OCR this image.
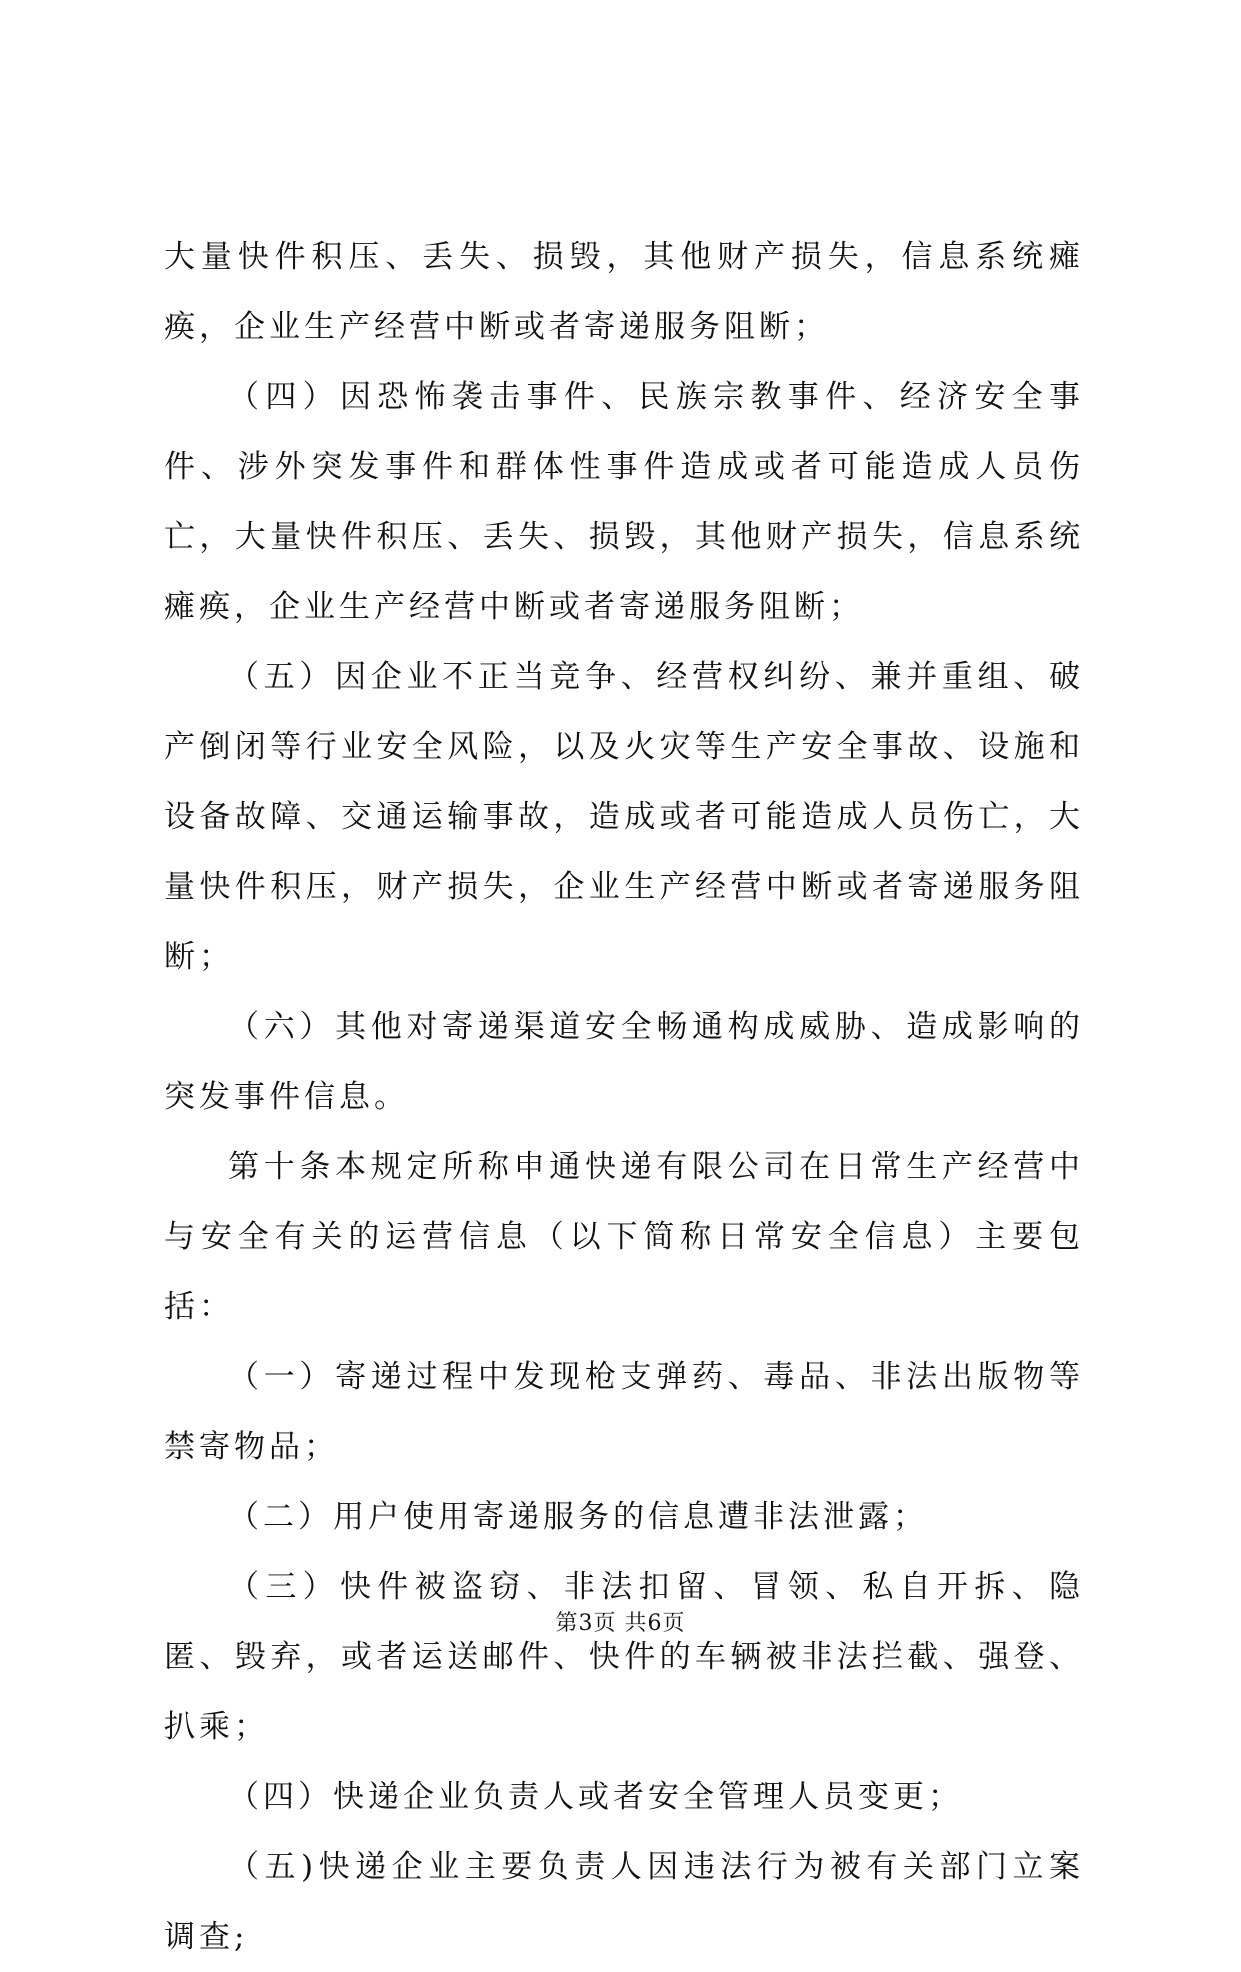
大量快件积压、丢失、损毁，其他财产损失，信息系统瘫痪，企业生产经营中断或者寄递服务阻断；

（四）因恐怖袭击事件、民族宗教事件、经济安全事件、涉外突发事件和群体性事件造成或者可能造成人员伤亡，大量快件积压、丢失、损毁，其他财产损失，信息系统瘫痪，企业生产经营中断或者寄递服务阻断；

（五）因企业不正当竞争、经营权纠纷、兼并重组、破产倒闭等行业安全风险，以及火灾等生产安全事故、设施和设备故障、交通运输事故，造成或者可能造成人员伤亡，大量快件积压，财产损失，企业生产经营中断或者寄递服务阻断；

（六）其他对寄递渠道安全畅通构成威胁、造成影响的突发事件信息。

第十条本规定所称申通快递有限公司在日常生产经营中与安全有关的运营信息（以下简称日常安全信息）主要包括：

（一）寄递过程中发现枪支弹药、毒品、非法出版物等禁寄物品；

（二）用户使用寄递服务的信息遭非法泄露；

（三）快件被盗窃、非法扣留、冒领、私自开拆、隐匿、毁弃，或者运送邮件、快件的车辆被非法拦截、强登、扒乘；

（四）快递企业负责人或者安全管理人员变更；

（五)快递企业主要负责人因违法行为被有关部门立案调查;

第3页 共6页
